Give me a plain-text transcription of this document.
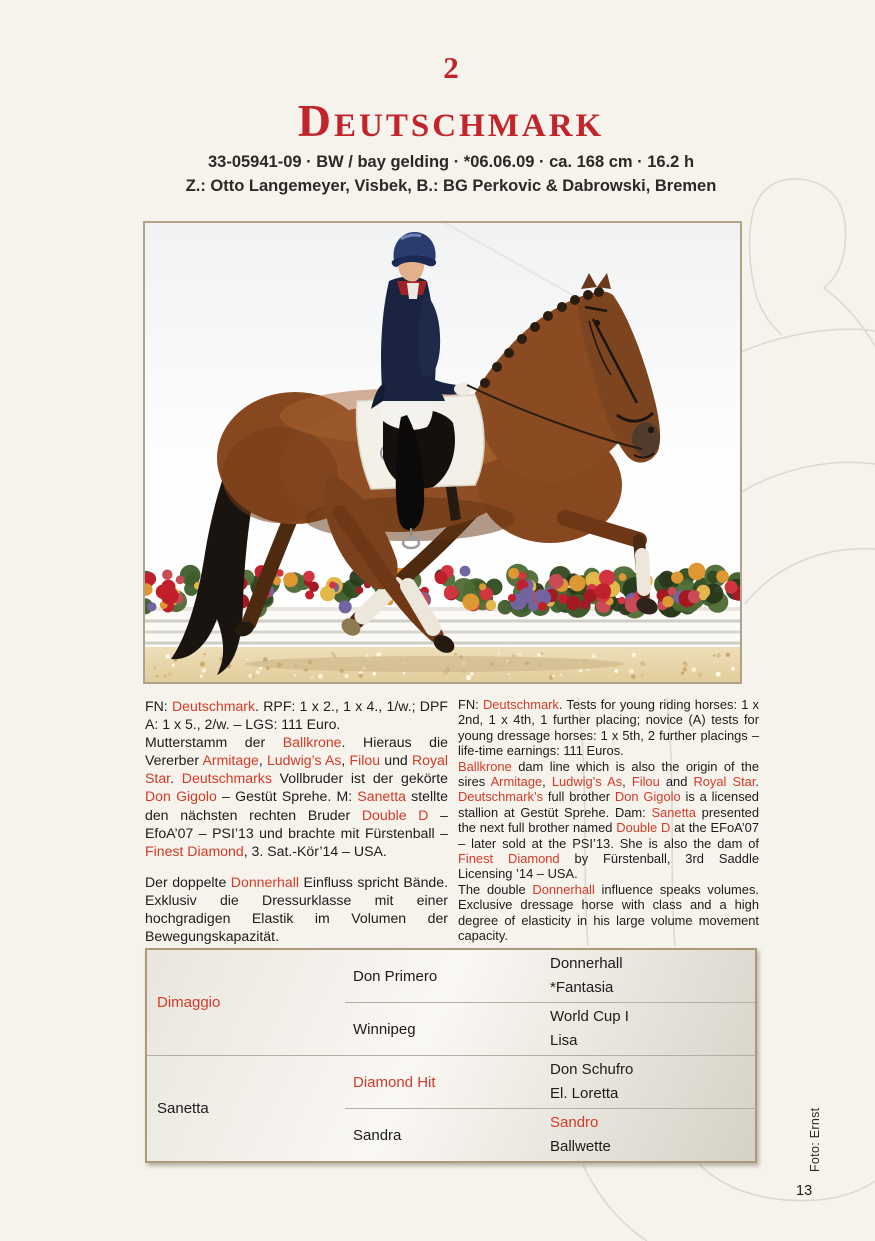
2
DEUTSCHMARK
33-05941-09 · BW / bay gelding · *06.06.09 · ca. 168 cm · 16.2 h
Z.: Otto Langemeyer, Visbek, B.: BG Perkovic & Dabrowski, Bremen

FN: Deutschmark. RPF: 1 x 2., 1 x 4., 1/w.; DPF A: 1 x 5., 2/w. – LGS: 111 Euro.

Mutterstamm der Ballkrone. Hieraus die Vererber Armitage, Ludwig’s As, Filou und Royal Star. Deutschmarks Vollbruder ist der gekörte Don Gigolo – Gestüt Sprehe. M: Sanetta stellte den nächsten rechten Bruder Double D – EfoA’07 – PSI’13 und brachte mit Fürstenball – Finest Diamond, 3. Sat.-Kör’14 – USA.

Der doppelte Donnerhall Einfluss spricht Bände. Exklusiv die Dressurklasse mit einer hochgradigen Elastik im Volumen der Bewegungskapazität.

FN: Deutschmark. Tests for young riding horses: 1 x 2nd, 1 x 4th, 1 further placing; novice (A) tests for young dressage horses: 1 x 5th, 2 further placings – life-time earnings: 111 Euros.

Ballkrone dam line which is also the origin of the sires Armitage, Ludwig’s As, Filou and Royal Star. Deutschmark’s full brother Don Gigolo is a licensed stallion at Gestüt Sprehe. Dam: Sanetta presented the next full brother named Double D at the EFoA’07 – later sold at the PSI’13. She is also the dam of Finest Diamond by Fürstenball, 3rd Saddle Licensing ’14 – USA.

The double Donnerhall influence speaks volumes. Exclusive dressage horse with class and a high degree of elasticity in his large volume movement capacity.

Dimaggio
Don Primero
Donnerhall
*Fantasia
Winnipeg
World Cup I
Lisa
Sanetta
Diamond Hit
Don Schufro
El. Loretta
Sandra
Sandro
Ballwette	Foto: Ernst
13
